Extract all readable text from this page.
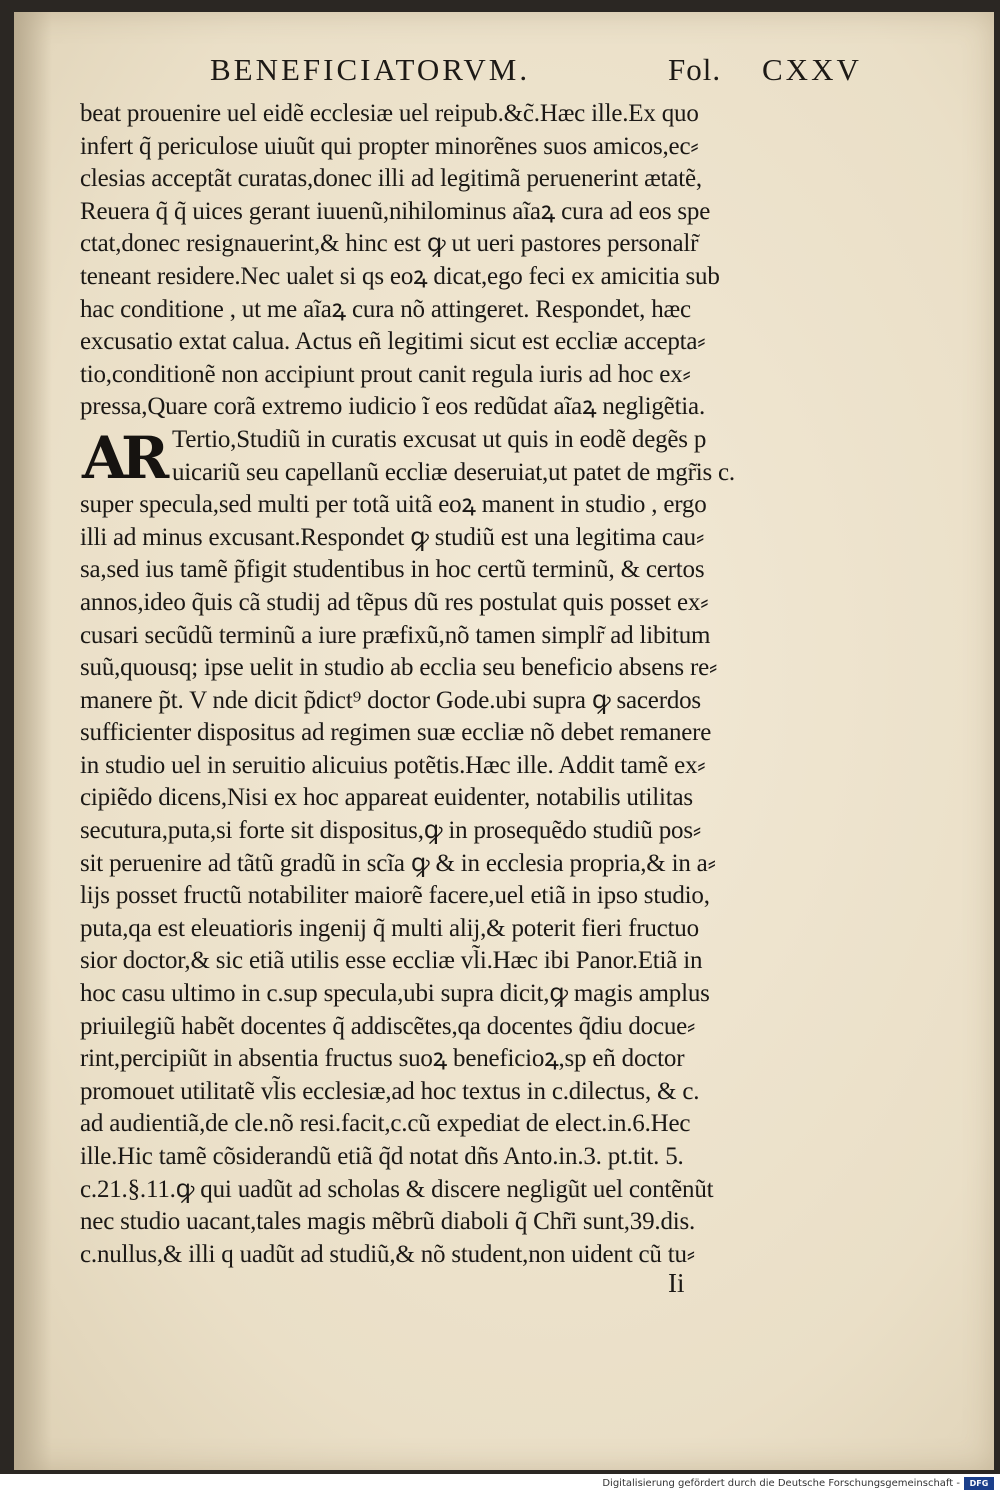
BENEFICIATORVM.	Fol. CXXV
AR
beat prouenire uel eidẽ ecclesiæ uel reipub.&c̃.Hæc ille.Ex quo
infert q̃ periculose uiuũt qui propter minorẽnes suos amicos,ec⸗
clesias acceptãt curatas,donec illi ad legitimã peruenerint ætatẽ,
Reuera q̃ q̃ uices gerant iuuenũ,nihilominus aĩaꝝ cura ad eos spe
ctat,donec resignauerint,& hinc est ꝙ ut ueri pastores personalr̃
teneant residere.Nec ualet si qs eoꝝ dicat,ego feci ex amicitia sub
hac conditione , ut me aĩaꝝ cura nõ attingeret. Respondet, hæc
excusatio extat calua. Actus eñ legitimi sicut est eccliæ accepta⸗
tio,conditionẽ non accipiunt prout canit regula iuris ad hoc ex⸗
pressa,Quare corã extremo iudicio ĩ eos redũdat aĩaꝝ negligẽtia.
Tertio,Studiũ in curatis excusat ut quis in eodẽ degẽs p
uicariũ seu capellanũ eccliæ deseruiat,ut patet de mgr̃is c.
super specula,sed multi per totã uitã eoꝝ manent in studio , ergo
illi ad minus excusant.Respondet ꝙ studiũ est una legitima cau⸗
sa,sed ius tamẽ p̃figit studentibus in hoc certũ terminũ, & certos
annos,ideo q̃uis cã studij ad tẽpus dũ res postulat quis posset ex⸗
cusari secũdũ terminũ a iure præfixũ,nõ tamen simplr̃ ad libitum
suũ,quousq; ipse uelit in studio ab ecclia seu beneficio absens re⸗
manere p̃t. V nde dicit p̃dict⁹ doctor Gode.ubi supra ꝙ sacerdos
sufficienter dispositus ad regimen suæ eccliæ nõ debet remanere
in studio uel in seruitio alicuius potẽtis.Hæc ille. Addit tamẽ ex⸗
cipiẽdo dicens,Nisi ex hoc appareat euidenter, notabilis utilitas
secutura,puta,si forte sit dispositus,ꝙ in prosequẽdo studiũ pos⸗
sit peruenire ad tãtũ gradũ in scĩa ꝙ & in ecclesia propria,& in a⸗
lijs posset fructũ notabiliter maiorẽ facere,uel etiã in ipso studio,
puta,qa est eleuatioris ingenij q̃ multi alij,& poterit fieri fructuo
sior doctor,& sic etiã utilis esse eccliæ vl̃i.Hæc ibi Panor.Etiã in
hoc casu ultimo in c.sup specula,ubi supra dicit,ꝙ magis amplus
priuilegiũ habẽt docentes q̃ addiscẽtes,qa docentes q̃diu docue⸗
rint,percipiũt in absentia fructus suoꝝ beneficioꝝ,sp eñ doctor
promouet utilitatẽ vl̃is ecclesiæ,ad hoc textus in c.dilectus, & c.
ad audientiã,de cle.nõ resi.facit,c.cũ expediat de elect.in.6.Hec
ille.Hic tamẽ cõsiderandũ etiã q̃d notat dñs Anto.in.3. pt.tit. 5.
c.21.§.11.ꝙ qui uadũt ad scholas & discere negligũt uel contẽnũt
nec studio uacant,tales magis mẽbrũ diaboli q̃ Chr̃i sunt,39.dis.
c.nullus,& illi q uadũt ad studiũ,& nõ student,non uident cũ tu⸗
Ii
Digitalisierung gefördert durch die Deutsche Forschungsgemeinschaft -	DFG
